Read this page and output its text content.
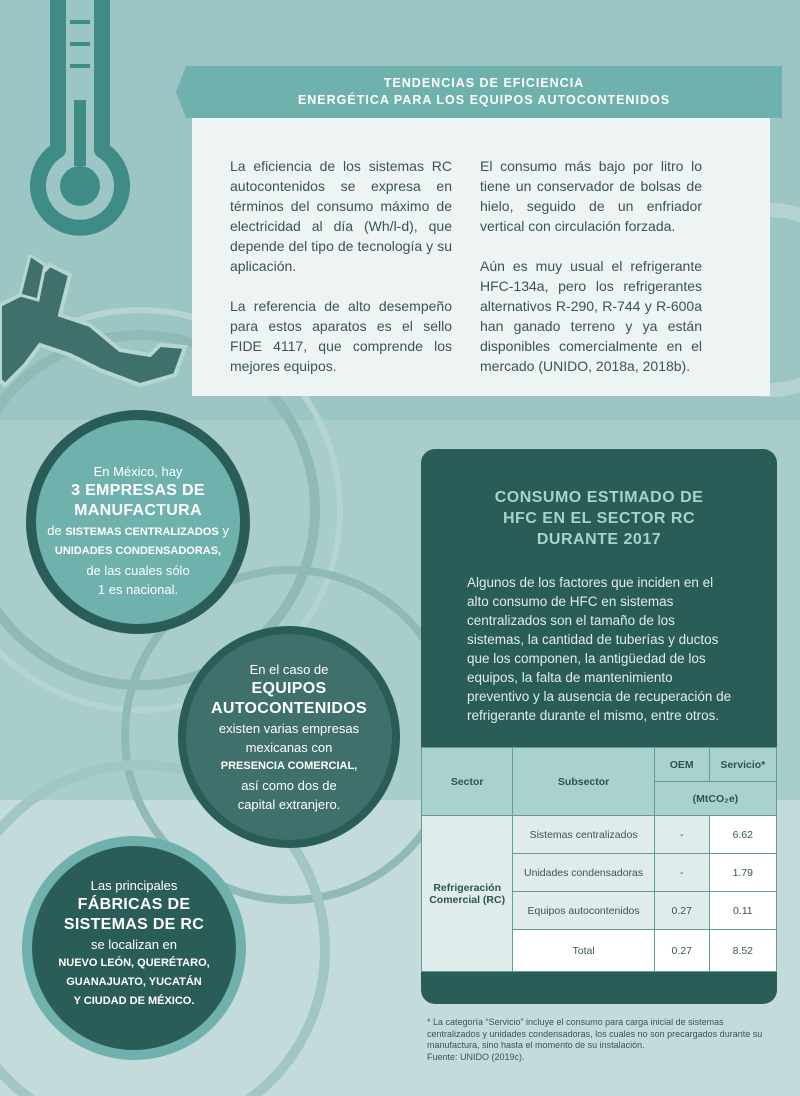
TENDENCIAS DE EFICIENCIA
ENERGÉTICA PARA LOS EQUIPOS AUTOCONTENIDOS

La eficiencia de los sistemas RC autocontenidos se expresa en términos del consumo máximo de electricidad al día (Wh/l-d), que depende del tipo de tecnología y su aplicación.

La referencia de alto desempeño para estos aparatos es el sello FIDE 4117, que comprende los mejores equipos.

El consumo más bajo por litro lo tiene un conservador de bolsas de hielo, seguido de un enfriador vertical con circulación forzada.

Aún es muy usual el refrigerante HFC-134a, pero los refrigerantes alternativos R-290, R-744 y R-600a han ganado terreno y ya están disponibles comercialmente en el mercado (UNIDO, 2018a, 2018b).

En México, hay
3 EMPRESAS DE
MANUFACTURA
de SISTEMAS CENTRALIZADOS y
UNIDADES CONDENSADORAS,
de las cuales sólo
1 es nacional.
En el caso de
EQUIPOS
AUTOCONTENIDOS
existen varias empresas
mexicanas con
PRESENCIA COMERCIAL,
así como dos de
capital extranjero.
Las principales
FÁBRICAS DE
SISTEMAS DE RC
se localizan en
NUEVO LEÓN, QUERÉTARO,
GUANAJUATO, YUCATÁN
Y CIUDAD DE MÉXICO.
CONSUMO ESTIMADO DE
HFC EN EL SECTOR RC
DURANTE 2017
Algunos de los factores que inciden en el alto consumo de HFC en sistemas centralizados son el tamaño de los sistemas, la cantidad de tuberías y ductos que los componen, la antigüedad de los equipos, la falta de mantenimiento preventivo y la ausencia de recuperación de refrigerante durante el mismo, entre otros.
Sector	Subsector	OEM	Servicio*
		(MtCO₂e)	
Refrigeración Comercial (RC)	Sistemas centralizados	-	6.62
	Unidades condensadoras	-	1.79
	Equipos autocontenidos	0.27	0.11
	Total	0.27	8.52
* La categoría “Servicio” incluye el consumo para carga inicial de sistemas centralizados y unidades condensadoras, los cuales no son precargados durante su manufactura, sino hasta el momento de su instalación.
Fuente: UNIDO (2019c).
